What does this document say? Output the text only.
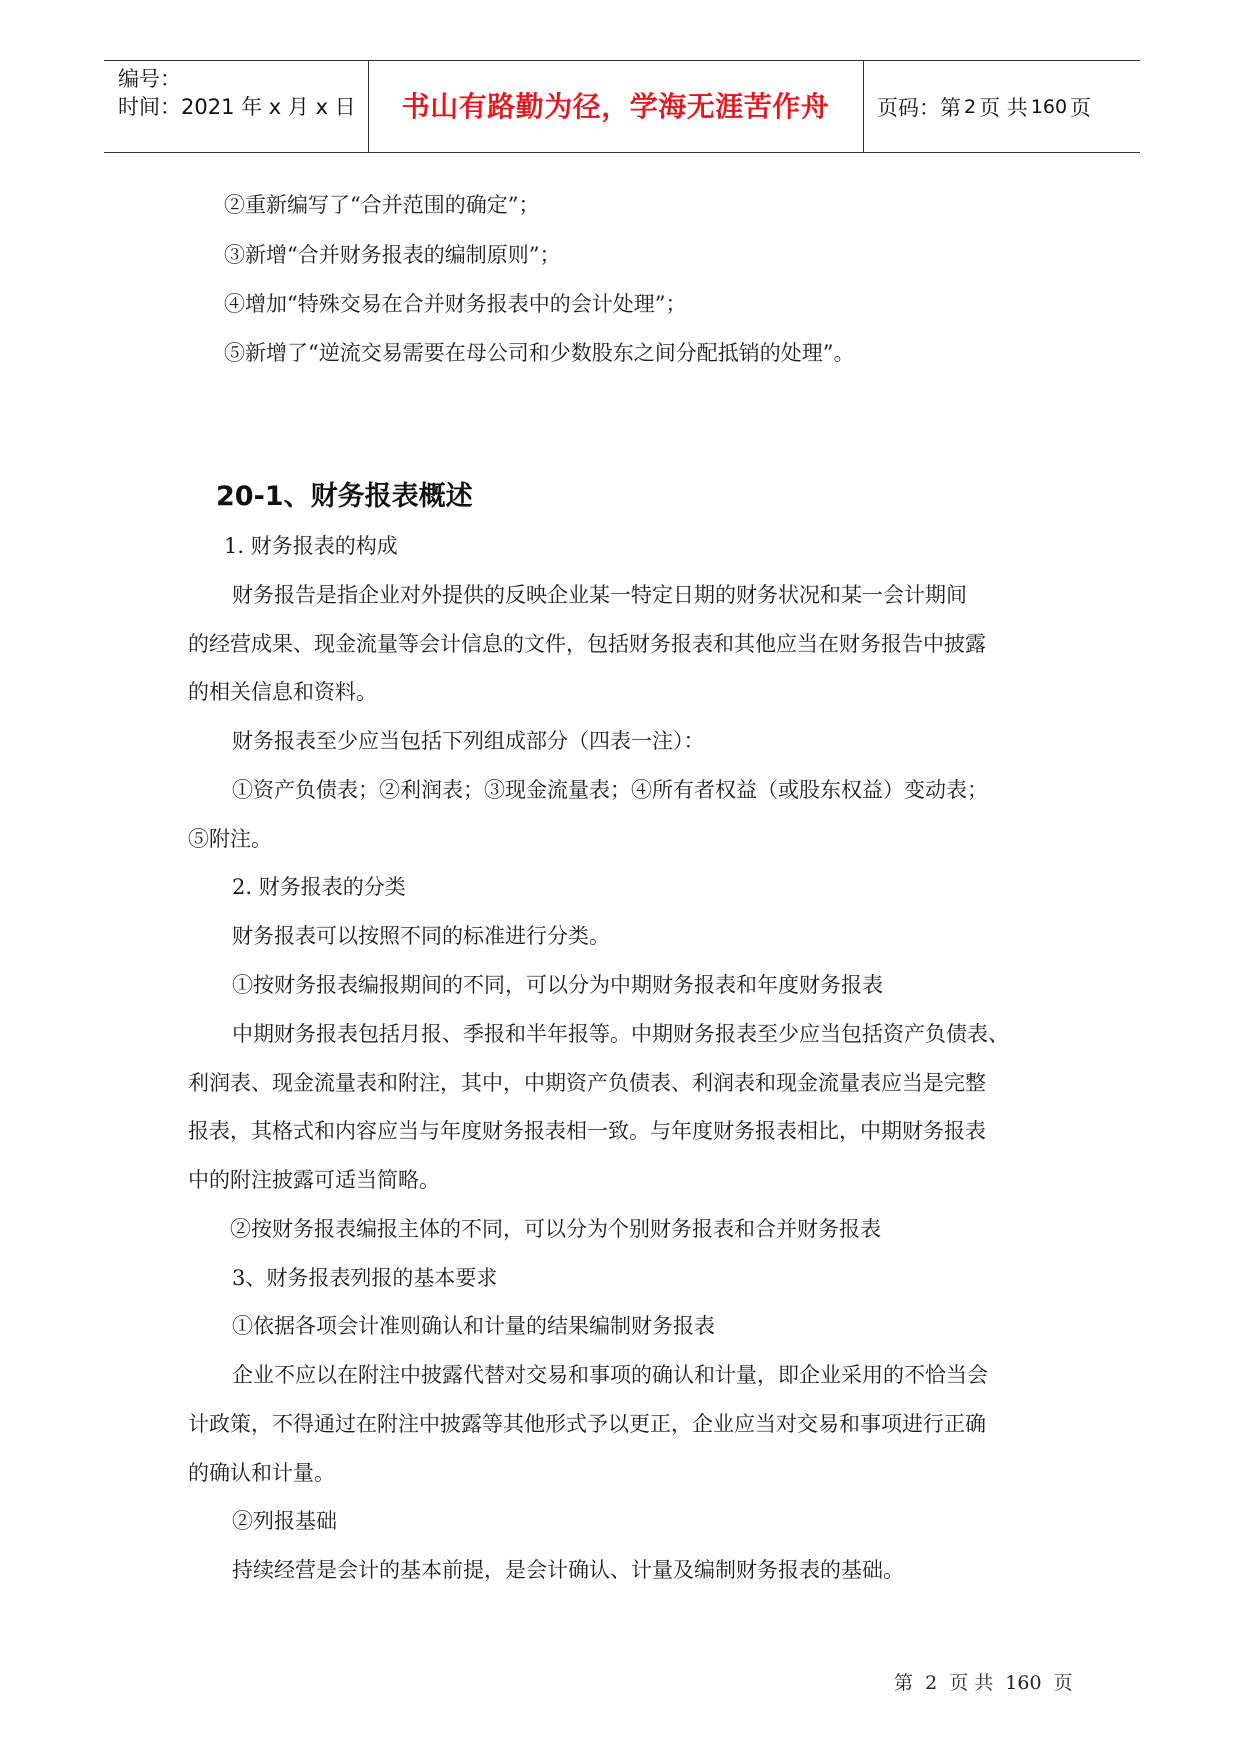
编号：
时间：2021 年 x 月 x 日 书山有路勤为径，学海无涯苦作舟 页码：第 2 页 共 160 页
②重新编写了“合并范围的确定”；
③新增“合并财务报表的编制原则”；
④增加“特殊交易在合并财务报表中的会计处理”；
⑤新增了“逆流交易需要在母公司和少数股东之间分配抵销的处理”。
20-1、财务报表概述
1. 财务报表的构成
财务报告是指企业对外提供的反映企业某一特定日期的财务状况和某一会计期间
的经营成果、现金流量等会计信息的文件，包括财务报表和其他应当在财务报告中披露
的相关信息和资料。
财务报表至少应当包括下列组成部分（四表一注）：
①资产负债表；②利润表；③现金流量表；④所有者权益（或股东权益）变动表；
⑤附注。
2. 财务报表的分类
财务报表可以按照不同的标准进行分类。
①按财务报表编报期间的不同，可以分为中期财务报表和年度财务报表
中期财务报表包括月报、季报和半年报等。中期财务报表至少应当包括资产负债表、
利润表、现金流量表和附注，其中，中期资产负债表、利润表和现金流量表应当是完整
报表，其格式和内容应当与年度财务报表相一致。与年度财务报表相比，中期财务报表
中的附注披露可适当简略。
②按财务报表编报主体的不同，可以分为个别财务报表和合并财务报表
3、财务报表列报的基本要求
①依据各项会计准则确认和计量的结果编制财务报表
企业不应以在附注中披露代替对交易和事项的确认和计量，即企业采用的不恰当会
计政策，不得通过在附注中披露等其他形式予以更正，企业应当对交易和事项进行正确
的确认和计量。
②列报基础
持续经营是会计的基本前提，是会计确认、计量及编制财务报表的基础。
第 2 页 共 160 页
